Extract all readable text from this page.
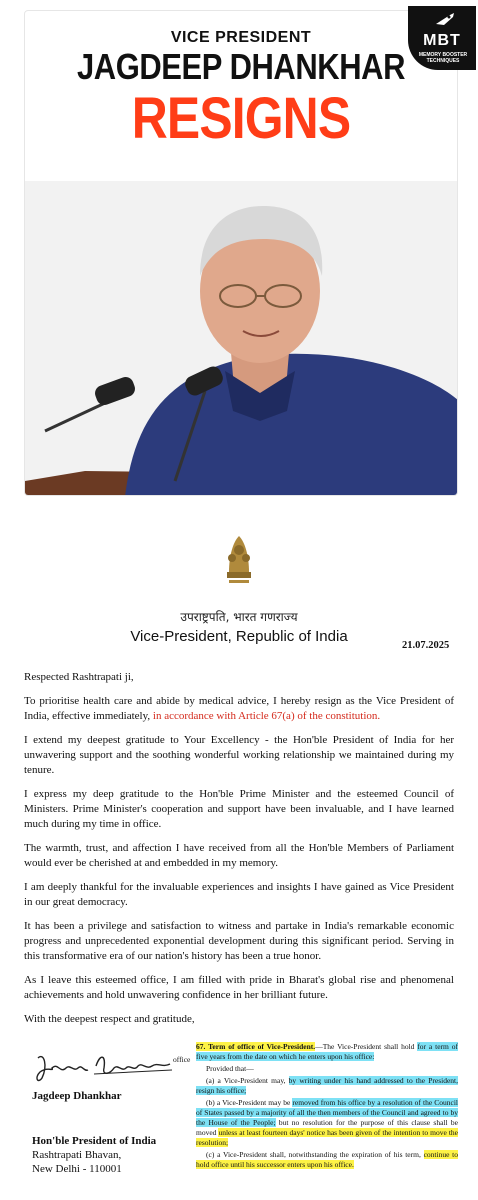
VICE PRESIDENT
JAGDEEP DHANKHAR
RESIGNS
MBT
MEMORY BOOSTER TECHNIQUES
उपराष्ट्रपति, भारत गणराज्य
Vice-President, Republic of India
21.07.2025

Respected Rashtrapati ji,

To prioritise health care and abide by medical advice, I hereby resign as the Vice President of India, effective immediately, in accordance with Article 67(a) of the constitution.

I extend my deepest gratitude to Your Excellency - the Hon'ble President of India for her unwavering support and the soothing wonderful working relationship we maintained during my tenure.

I express my deep gratitude to the Hon'ble Prime Minister and the esteemed Council of Ministers. Prime Minister's cooperation and support have been invaluable, and I have learned much during my time in office.

The warmth, trust, and affection I have received from all the Hon'ble Members of Parliament would ever be cherished at and embedded in my memory.

I am deeply thankful for the invaluable experiences and insights I have gained as Vice President in our great democracy.

It has been a privilege and satisfaction to witness and partake in India's remarkable economic progress and unprecedented exponential development during this significant period. Serving in this transformative era of our nation's history has been a true honor.

As I leave this esteemed office, I am filled with pride in Bharat's global rise and phenomenal achievements and hold unwavering confidence in her brilliant future.

With the deepest respect and gratitude,

Jagdeep Dhankhar
Hon'ble President of India
Rashtrapati Bhavan,
New Delhi - 110001
office

67. Term of office of Vice-President.—The Vice-President shall hold for a term of five years from the date on which he enters upon his office:

Provided that—

(a) a Vice-President may, by writing under his hand addressed to the President, resign his office;

(b) a Vice-President may be removed from his office by a resolution of the Council of States passed by a majority of all the then members of the Council and agreed to by the House of the People; but no resolution for the purpose of this clause shall be moved unless at least fourteen days' notice has been given of the intention to move the resolution;

(c) a Vice-President shall, notwithstanding the expiration of his term, continue to hold office until his successor enters upon his office.
